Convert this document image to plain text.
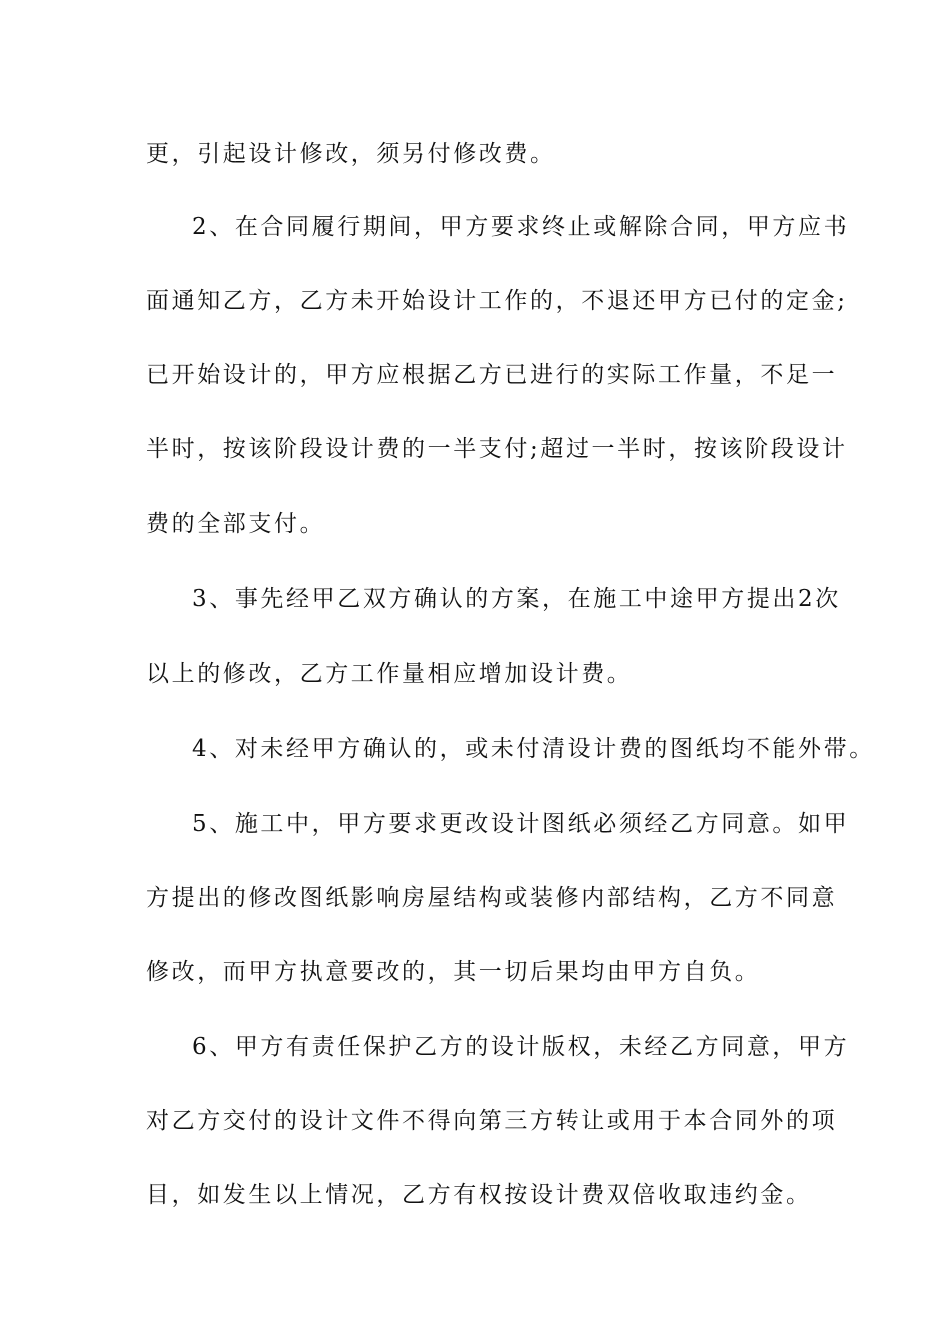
更，引起设计修改，须另付修改费。
2、在合同履行期间，甲方要求终止或解除合同，甲方应书
面通知乙方，乙方未开始设计工作的，不退还甲方已付的定金;
已开始设计的，甲方应根据乙方已进行的实际工作量，不足一
半时，按该阶段设计费的一半支付;超过一半时，按该阶段设计
费的全部支付。
3、事先经甲乙双方确认的方案，在施工中途甲方提出2次
以上的修改，乙方工作量相应增加设计费。
4、对未经甲方确认的，或未付清设计费的图纸均不能外带。
5、施工中，甲方要求更改设计图纸必须经乙方同意。如甲
方提出的修改图纸影响房屋结构或装修内部结构，乙方不同意
修改，而甲方执意要改的，其一切后果均由甲方自负。
6、甲方有责任保护乙方的设计版权，未经乙方同意，甲方
对乙方交付的设计文件不得向第三方转让或用于本合同外的项
目，如发生以上情况，乙方有权按设计费双倍收取违约金。
